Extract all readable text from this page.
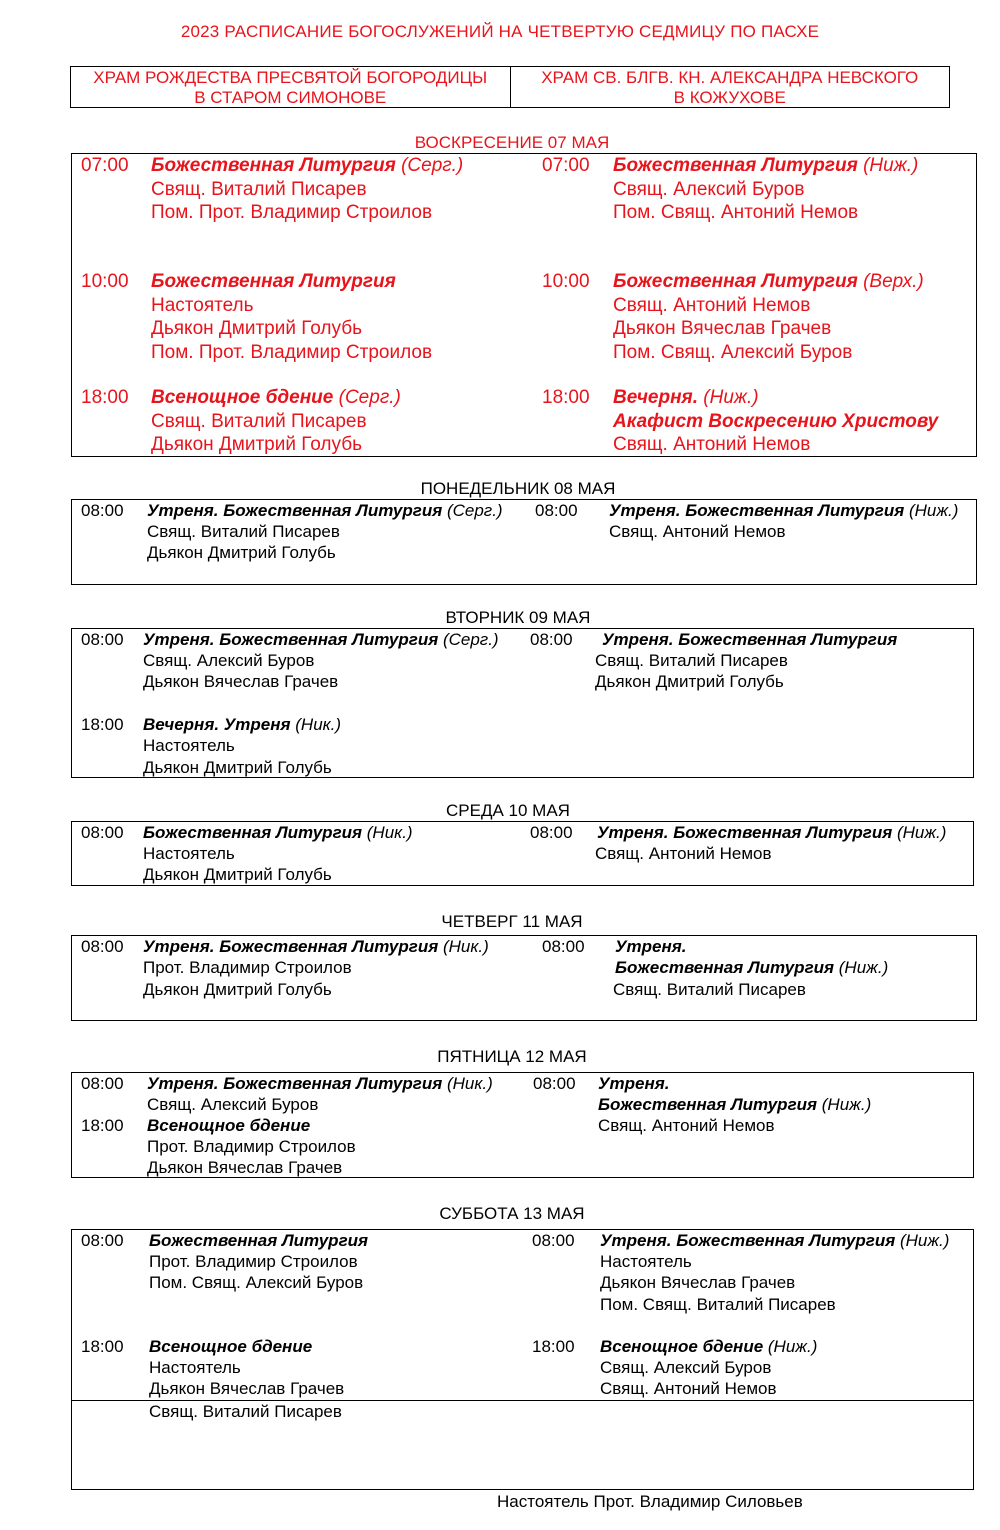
2023 РАСПИСАНИЕ БОГОСЛУЖЕНИЙ НА ЧЕТВЕРТУЮ СЕДМИЦУ ПО ПАСХЕ
ХРАМ РОЖДЕСТВА ПРЕСВЯТОЙ БОГОРОДИЦЫ
В СТАРОМ СИМОНОВЕ
ХРАМ СВ. БЛГВ. КН. АЛЕКСАНДРА НЕВСКОГО
В КОЖУХОВЕ
ВОСКРЕСЕНИЕ 07 МАЯ
07:00 Божественная Литургия (Серг.)
Свящ. Виталий Писарев
Пом. Прот. Владимир Строилов
10:00 Божественная Литургия
Настоятель
Дьякон Дмитрий Голубь
Пом. Прот. Владимир Строилов
18:00 Всенощное бдение (Серг.)
Свящ. Виталий Писарев
Дьякон Дмитрий Голубь
07:00 Божественная Литургия (Ниж.)
Свящ. Алексий Буров
Пом. Свящ. Антоний Немов
10:00 Божественная Литургия (Верх.)
Свящ. Антоний Немов
Дьякон Вячеслав Грачев
Пом. Свящ. Алексий Буров
18:00 Вечерня. (Ниж.)
Акафист Воскресению Христову
Свящ. Антоний Немов
ПОНЕДЕЛЬНИК 08 МАЯ
08:00 Утреня. Божественная Литургия (Серг.)
Свящ. Виталий Писарев
Дьякон Дмитрий Голубь
08:00 Утреня. Божественная Литургия (Ниж.)
Свящ. Антоний Немов
ВТОРНИК 09 МАЯ
08:00 Утреня. Божественная Литургия (Серг.)
Свящ. Алексий Буров
Дьякон Вячеслав Грачев
18:00 Вечерня. Утреня (Ник.)
Настоятель
Дьякон Дмитрий Голубь
08:00 Утреня. Божественная Литургия
Свящ. Виталий Писарев
Дьякон Дмитрий Голубь
СРЕДА 10 МАЯ
08:00 Божественная Литургия (Ник.)
Настоятель
Дьякон Дмитрий Голубь
08:00 Утреня. Божественная Литургия (Ниж.)
Свящ. Антоний Немов
ЧЕТВЕРГ 11 МАЯ
08:00 Утреня. Божественная Литургия (Ник.)
Прот. Владимир Строилов
Дьякон Дмитрий Голубь
08:00 Утреня.
Божественная Литургия (Ниж.)
Свящ. Виталий Писарев
ПЯТНИЦА 12 МАЯ
08:00 Утреня. Божественная Литургия (Ник.)
Свящ. Алексий Буров
18:00 Всенощное бдение
Прот. Владимир Строилов
Дьякон Вячеслав Грачев
08:00 Утреня.
Божественная Литургия (Ниж.)
Свящ. Антоний Немов
СУББОТА 13 МАЯ
08:00 Божественная Литургия
Прот. Владимир Строилов
Пом. Свящ. Алексий Буров
18:00 Всенощное бдение
Настоятель
Дьякон Вячеслав Грачев
Свящ. Виталий Писарев
08:00 Утреня. Божественная Литургия (Ниж.)
Настоятель
Дьякон Вячеслав Грачев
Пом. Свящ. Виталий Писарев
18:00 Всенощное бдение (Ниж.)
Свящ. Алексий Буров
Свящ. Антоний Немов
Настоятель Прот. Владимир Силовьев
